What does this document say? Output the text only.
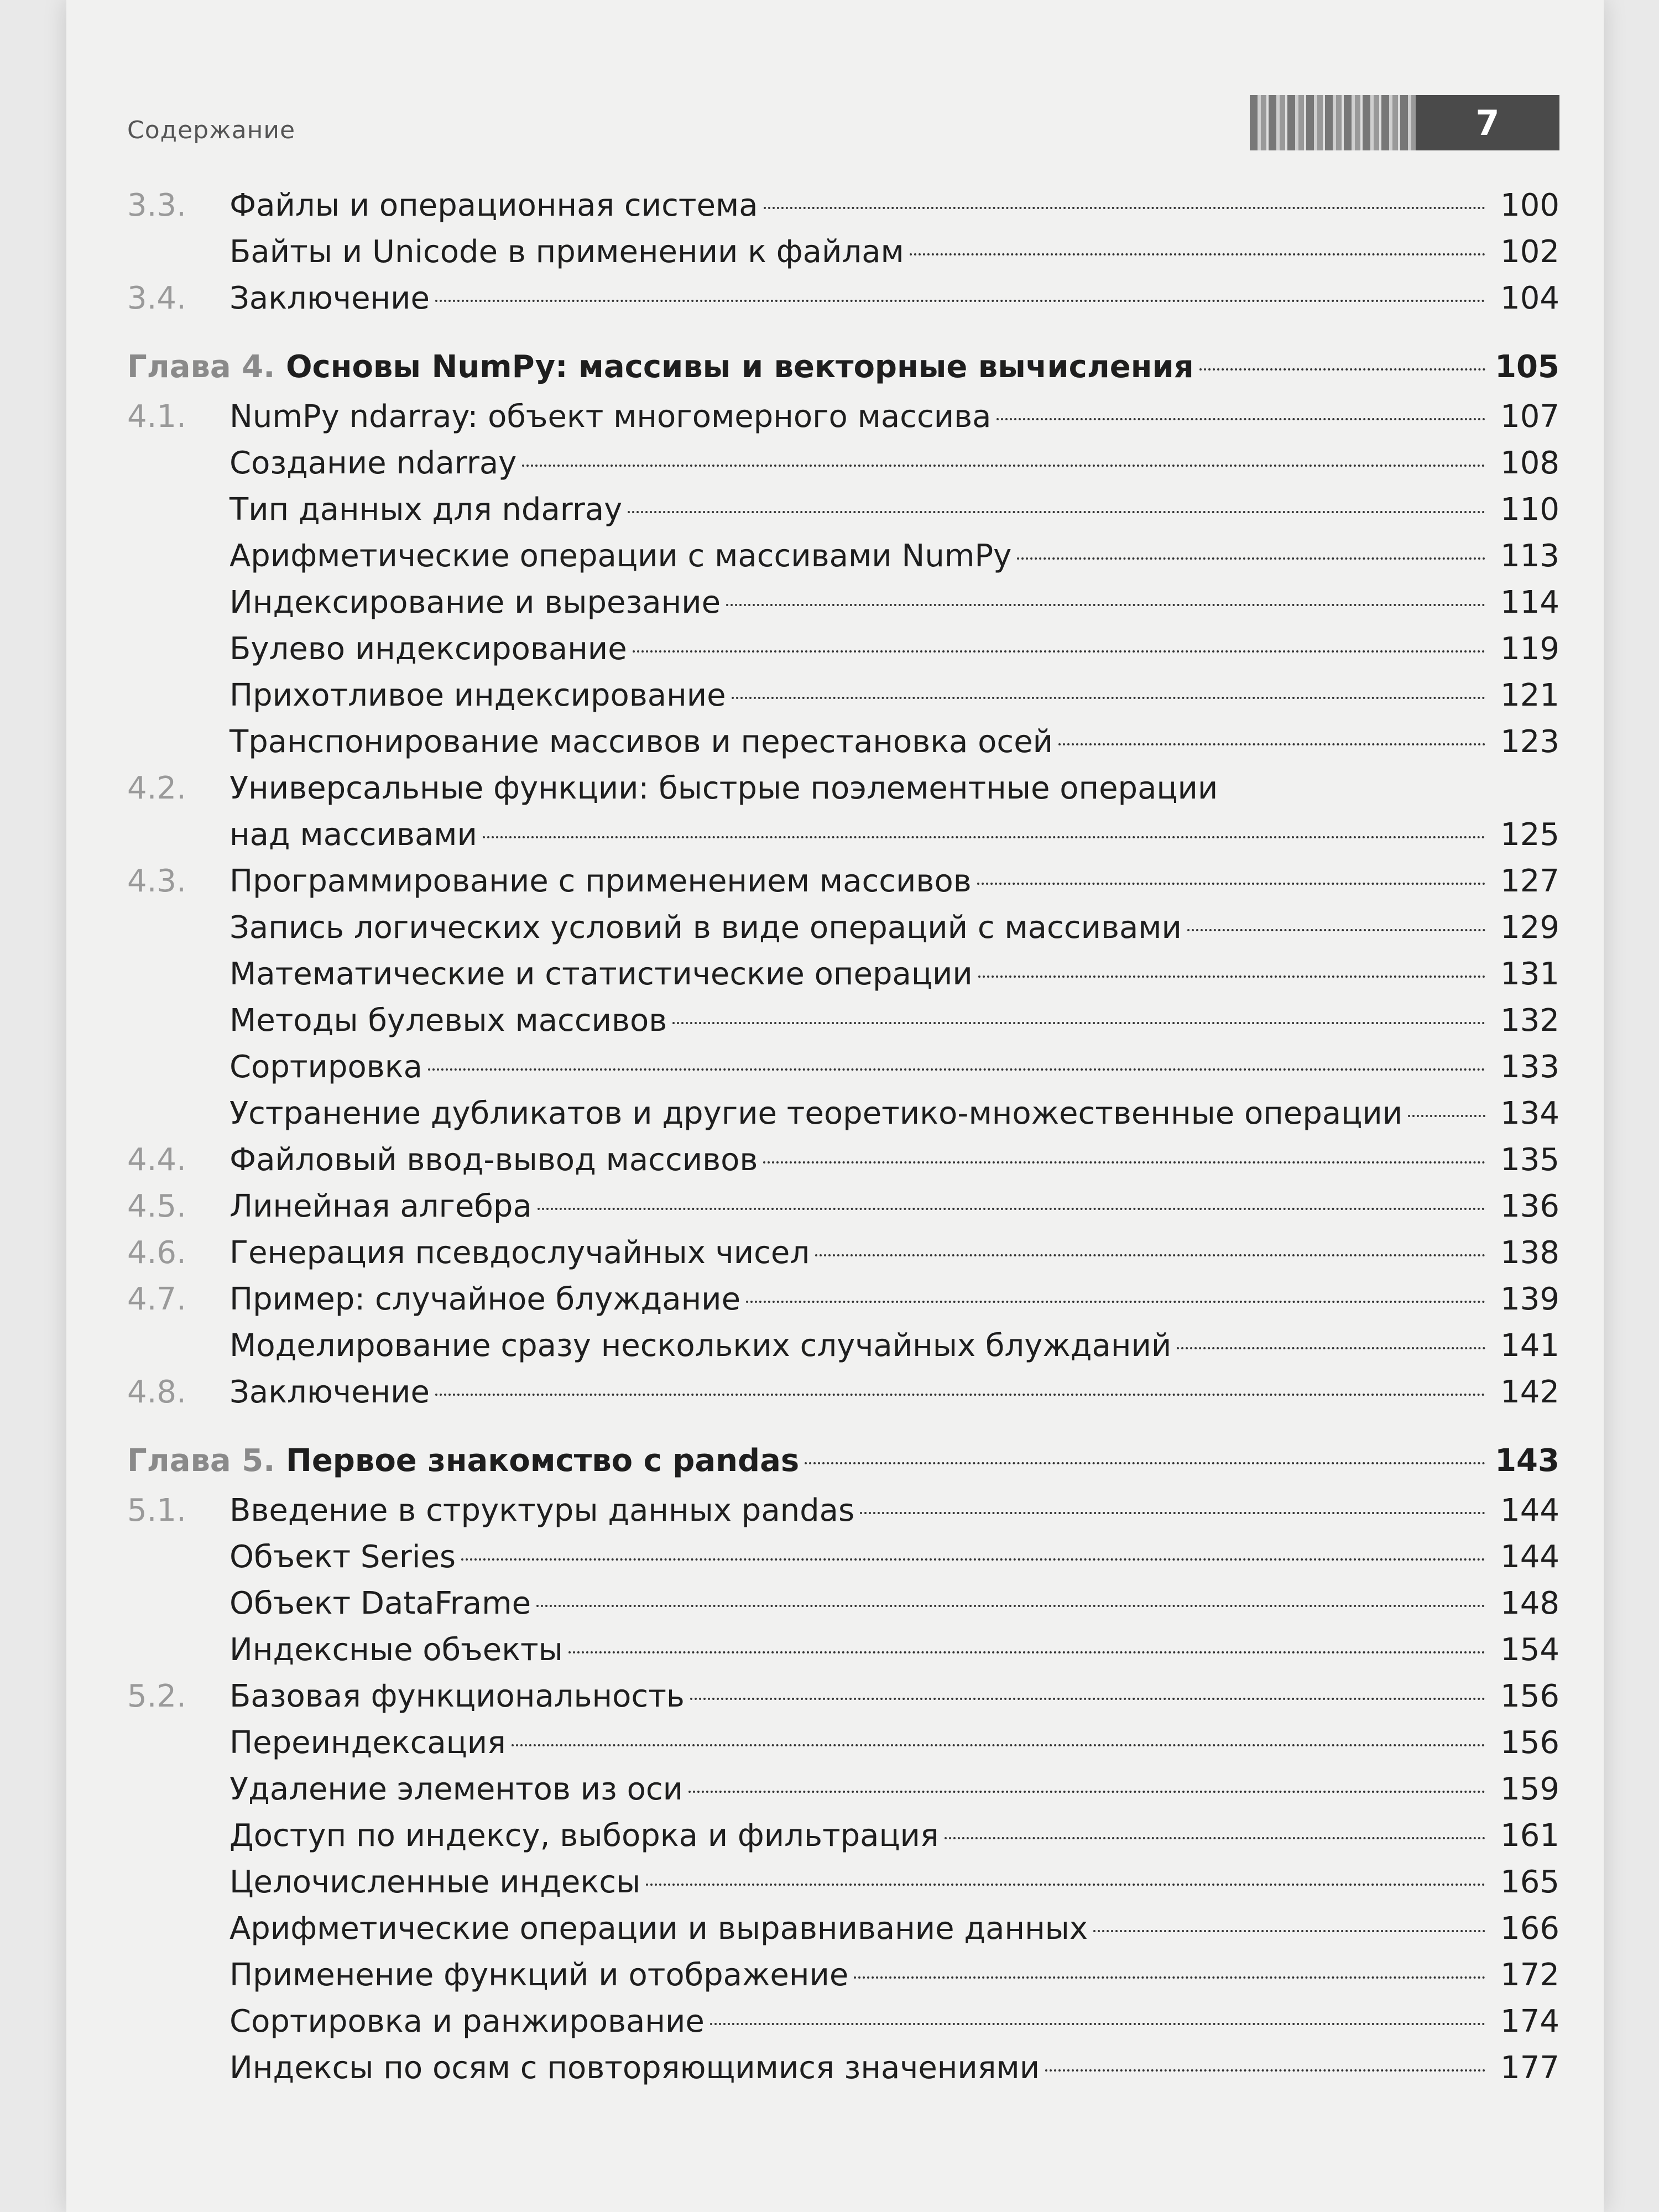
Содержание	7
3.3.	Файлы и операционная система	100
Байты и Unicode в применении к файлам	102
3.4.	Заключение	104
Глава 4. Основы NumPy: массивы и векторные вычисления	105
4.1.	NumPy ndarray: объект многомерного массива	107
Создание ndarray	108
Тип данных для ndarray	110
Арифметические операции с массивами NumPy	113
Индексирование и вырезание	114
Булево индексирование	119
Прихотливое индексирование	121
Транспонирование массивов и перестановка осей	123
4.2.	Универсальные функции: быстрые поэлементные операции
над массивами	125
4.3.	Программирование с применением массивов	127
Запись логических условий в виде операций с массивами	129
Математические и статистические операции	131
Методы булевых массивов	132
Сортировка	133
Устранение дубликатов и другие теоретико-множественные операции	134
4.4.	Файловый ввод-вывод массивов	135
4.5.	Линейная алгебра	136
4.6.	Генерация псевдослучайных чисел	138
4.7.	Пример: случайное блуждание	139
Моделирование сразу нескольких случайных блужданий	141
4.8.	Заключение	142
Глава 5. Первое знакомство с pandas	143
5.1.	Введение в структуры данных pandas	144
Объект Series	144
Объект DataFrame	148
Индексные объекты	154
5.2.	Базовая функциональность	156
Переиндексация	156
Удаление элементов из оси	159
Доступ по индексу, выборка и фильтрация	161
Целочисленные индексы	165
Арифметические операции и выравнивание данных	166
Применение функций и отображение	172
Сортировка и ранжирование	174
Индексы по осям с повторяющимися значениями	177
